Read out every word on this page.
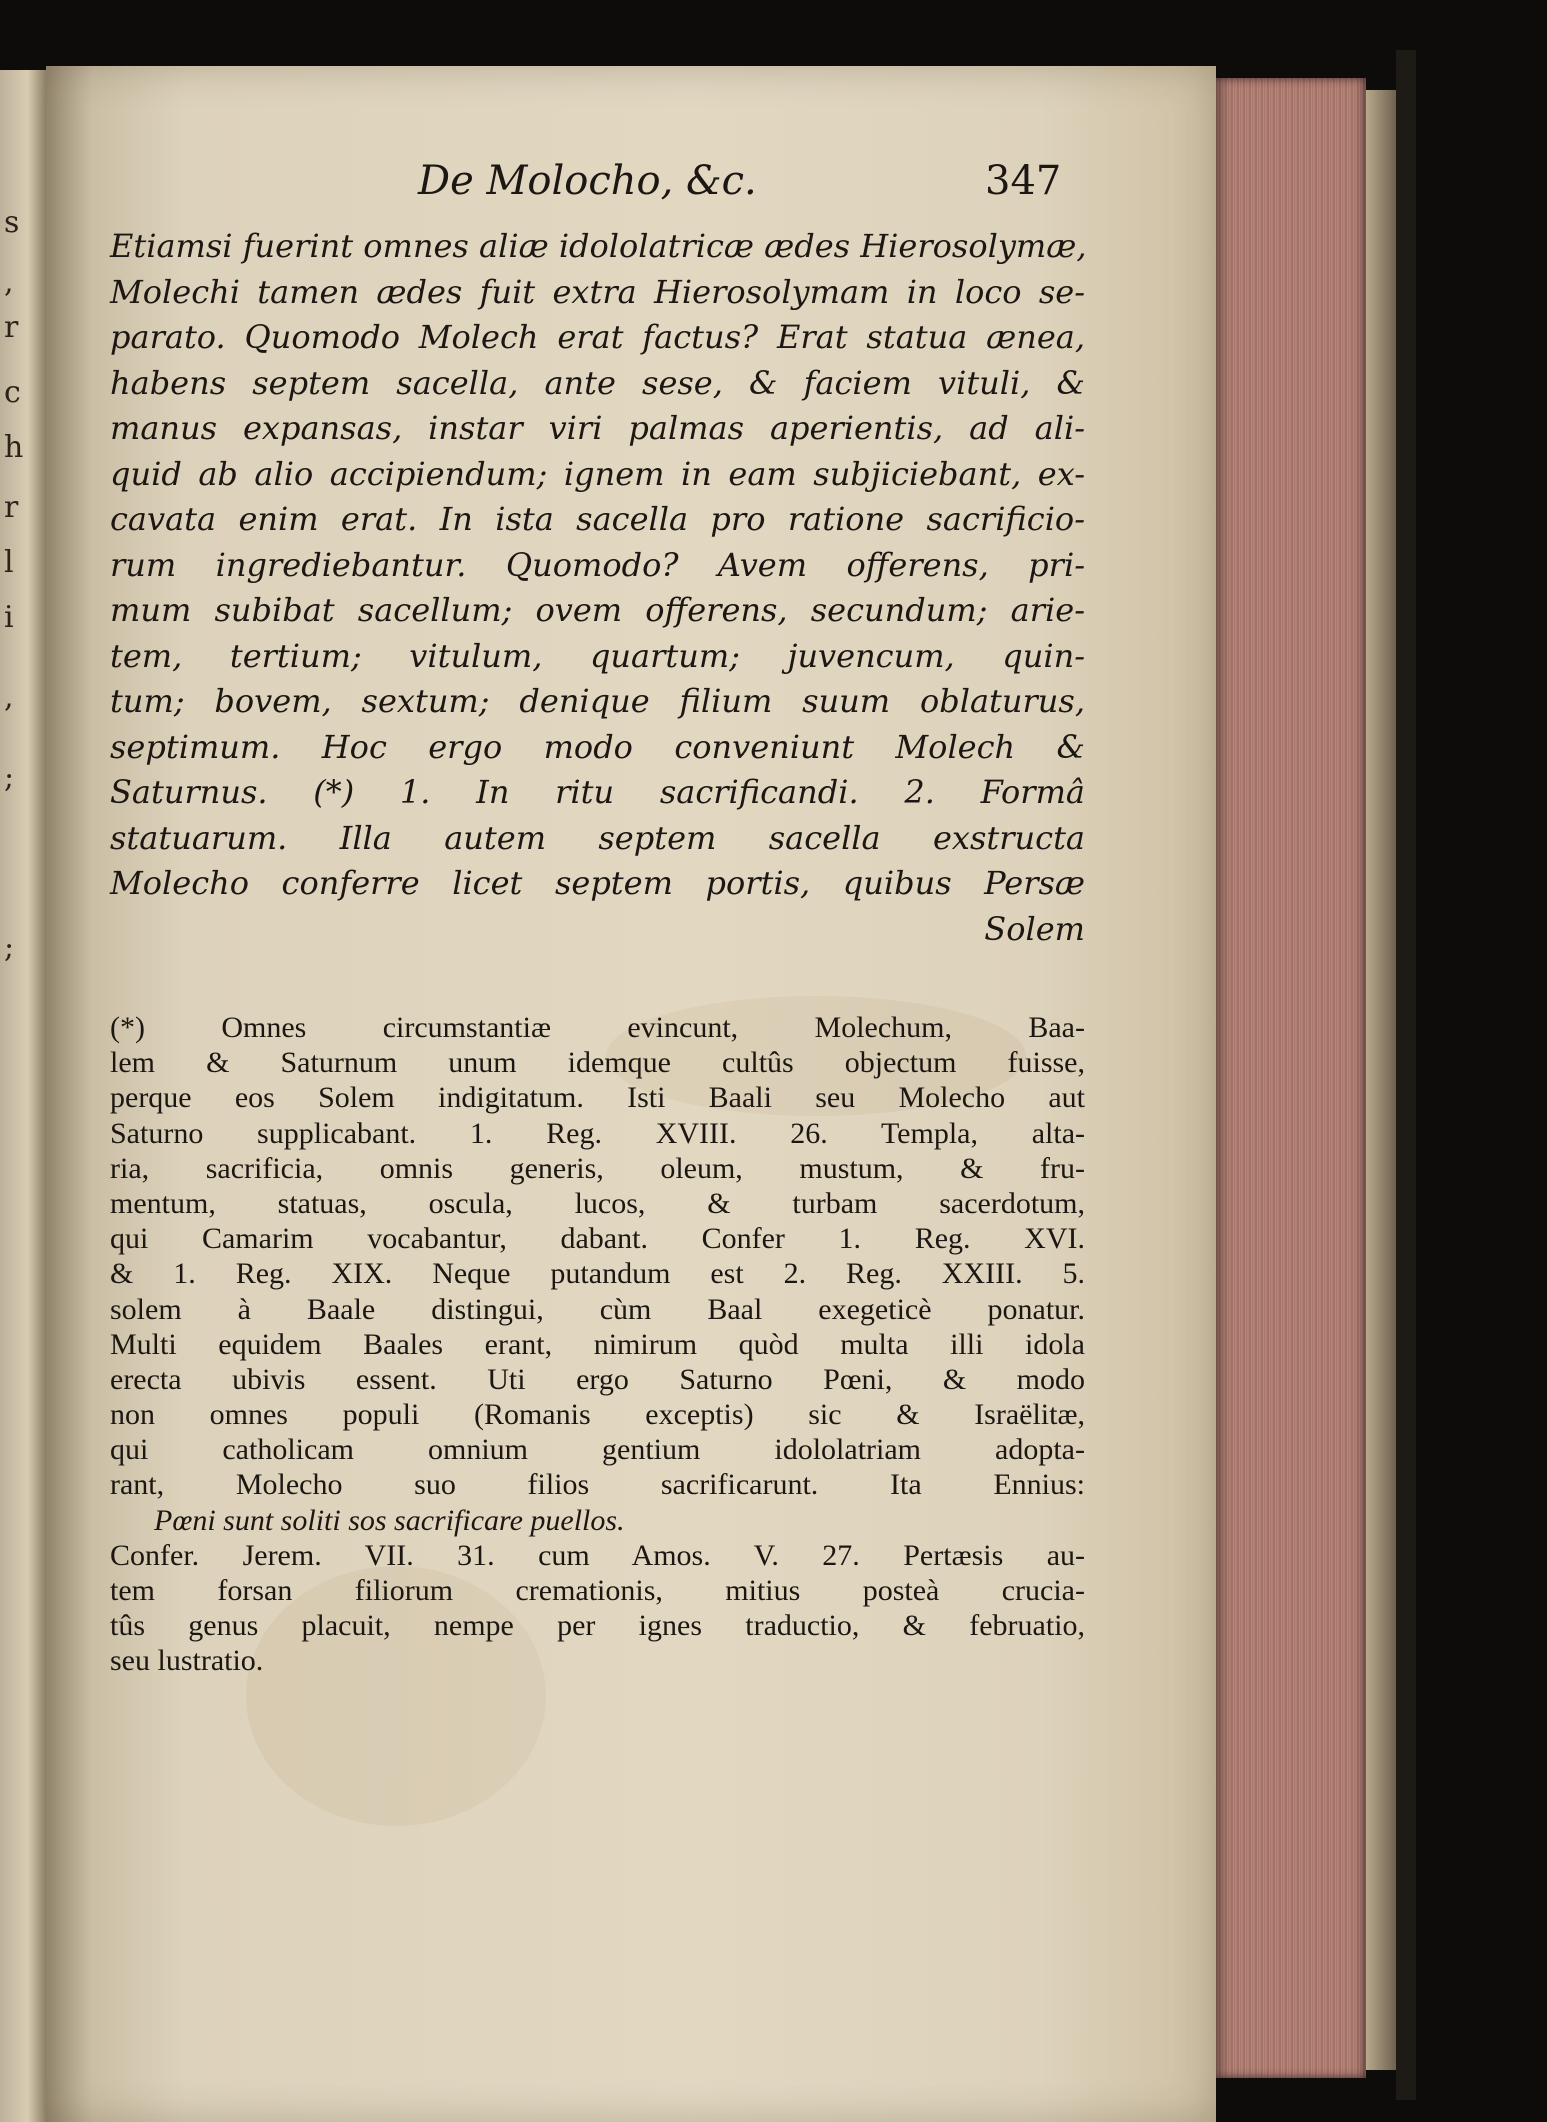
s
,
r
c
h
r
l
i
,
;
;
De Molocho, &c.	347
Etiamsi fuerint omnes aliæ idololatricæ ædes Hierosolymæ,
Molechi tamen ædes fuit extra Hierosolymam in loco se-
parato. Quomodo Molech erat factus? Erat statua ænea,
habens septem sacella, ante sese, & faciem vituli, &
manus expansas, instar viri palmas aperientis, ad ali-
quid ab alio accipiendum; ignem in eam subjiciebant, ex-
cavata enim erat. In ista sacella pro ratione sacrificio-
rum ingrediebantur. Quomodo? Avem offerens, pri-
mum subibat sacellum; ovem offerens, secundum; arie-
tem, tertium; vitulum, quartum; juvencum, quin-
tum; bovem, sextum; denique filium suum oblaturus,
septimum. Hoc ergo modo conveniunt Molech &
Saturnus. (*) 1. In ritu sacrificandi. 2. Formâ
statuarum. Illa autem septem sacella exstructa
Molecho conferre licet septem portis, quibus Persæ
Solem
(*) Omnes circumstantiæ evincunt, Molechum, Baa-
lem & Saturnum unum idemque cultûs objectum fuisse,
perque eos Solem indigitatum. Isti Baali seu Molecho aut
Saturno supplicabant. 1. Reg. XVIII. 26. Templa, alta-
ria, sacrificia, omnis generis, oleum, mustum, & fru-
mentum, statuas, oscula, lucos, & turbam sacerdotum,
qui Camarim vocabantur, dabant. Confer 1. Reg. XVI.
& 1. Reg. XIX. Neque putandum est 2. Reg. XXIII. 5.
solem à Baale distingui, cùm Baal exegeticè ponatur.
Multi equidem Baales erant, nimirum quòd multa illi idola
erecta ubivis essent. Uti ergo Saturno Pœni, & modo
non omnes populi (Romanis exceptis) sic & Israëlitæ,
qui catholicam omnium gentium idololatriam adopta-
rant, Molecho suo filios sacrificarunt. Ita Ennius:
Pœni sunt soliti sos sacrificare puellos.
Confer. Jerem. VII. 31. cum Amos. V. 27. Pertæsis au-
tem forsan filiorum cremationis, mitius posteà crucia-
tûs genus placuit, nempe per ignes traductio, & februatio,
seu lustratio.
